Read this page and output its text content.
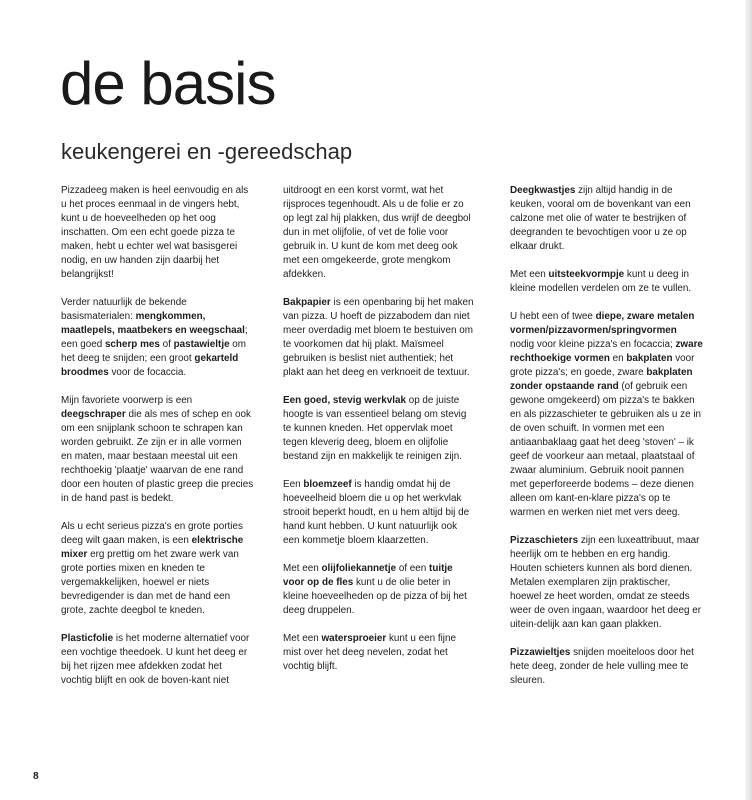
de basis
keukengerei en -gereedschap

Pizzadeeg maken is heel eenvoudig en als u het proces eenmaal in de vingers hebt, kunt u de hoeveelheden op het oog inschatten. Om een echt goede pizza te maken, hebt u echter wel wat basisgerei nodig, en uw handen zijn daarbij het belangrijkst!

Verder natuurlijk de bekende basismaterialen: mengkommen, maatlepels, maatbekers en weegschaal; een goed scherp mes of pastawieltje om het deeg te snijden; een groot gekarteld broodmes voor de focaccia.

Mijn favoriete voorwerp is een deegschraper die als mes of schep en ook om een snijplank schoon te schrapen kan worden gebruikt. Ze zijn er in alle vormen en maten, maar bestaan meestal uit een rechthoekig 'plaatje' waarvan de ene rand door een houten of plastic greep die precies in de hand past is bedekt.

Als u echt serieus pizza's en grote porties deeg wilt gaan maken, is een elektrische mixer erg prettig om het zware werk van grote porties mixen en kneden te vergemakkelijken, hoewel er niets bevredigender is dan met de hand een grote, zachte deegbol te kneden.

Plasticfolie is het moderne alternatief voor een vochtige theedoek. U kunt het deeg er bij het rijzen mee afdekken zodat het vochtig blijft en ook de boven-kant niet

uitdroogt en een korst vormt, wat het rijsproces tegenhoudt. Als u de folie er zo op legt zal hij plakken, dus wrijf de deegbol dun in met olijfolie, of vet de folie voor gebruik in. U kunt de kom met deeg ook met een omgekeerde, grote mengkom afdekken.

Bakpapier is een openbaring bij het maken van pizza. U hoeft de pizzabodem dan niet meer overdadig met bloem te bestuiven om te voorkomen dat hij plakt. Maïsmeel gebruiken is beslist niet authentiek; het plakt aan het deeg en verknoeit de textuur.

Een goed, stevig werkvlak op de juiste hoogte is van essentieel belang om stevig te kunnen kneden. Het oppervlak moet tegen kleverig deeg, bloem en olijfolie bestand zijn en makkelijk te reinigen zijn.

Een bloemzeef is handig omdat hij de hoeveelheid bloem die u op het werkvlak strooit beperkt houdt, en u hem altijd bij de hand kunt hebben. U kunt natuurlijk ook een kommetje bloem klaarzetten.

Met een olijfoliekannetje of een tuitje voor op de fles kunt u de olie beter in kleine hoeveelheden op de pizza of bij het deeg druppelen.

Met een watersproeier kunt u een fijne mist over het deeg nevelen, zodat het vochtig blijft.

Deegkwastjes zijn altijd handig in de keuken, vooral om de bovenkant van een calzone met olie of water te bestrijken of deegranden te bevochtigen voor u ze op elkaar drukt.

Met een uitsteekvormpje kunt u deeg in kleine modellen verdelen om ze te vullen.

U hebt een of twee diepe, zware metalen vormen/pizzavormen/springvormen nodig voor kleine pizza's en focaccia; zware rechthoekige vormen en bakplaten voor grote pizza's; en goede, zware bakplaten zonder opstaande rand (of gebruik een gewone omgekeerd) om pizza's te bakken en als pizzaschieter te gebruiken als u ze in de oven schuift. In vormen met een antiaanbaklaag gaat het deeg 'stoven' – ik geef de voorkeur aan metaal, plaatstaal of zwaar aluminium. Gebruik nooit pannen met geperforeerde bodems – deze dienen alleen om kant-en-klare pizza's op te warmen en werken niet met vers deeg.

Pizzaschieters zijn een luxeattribuut, maar heerlijk om te hebben en erg handig. Houten schieters kunnen als bord dienen. Metalen exemplaren zijn praktischer, hoewel ze heet worden, omdat ze steeds weer de oven ingaan, waardoor het deeg er uitein-delijk aan kan gaan plakken.

Pizzawieltjes snijden moeiteloos door het hete deeg, zonder de hele vulling mee te sleuren.

8
